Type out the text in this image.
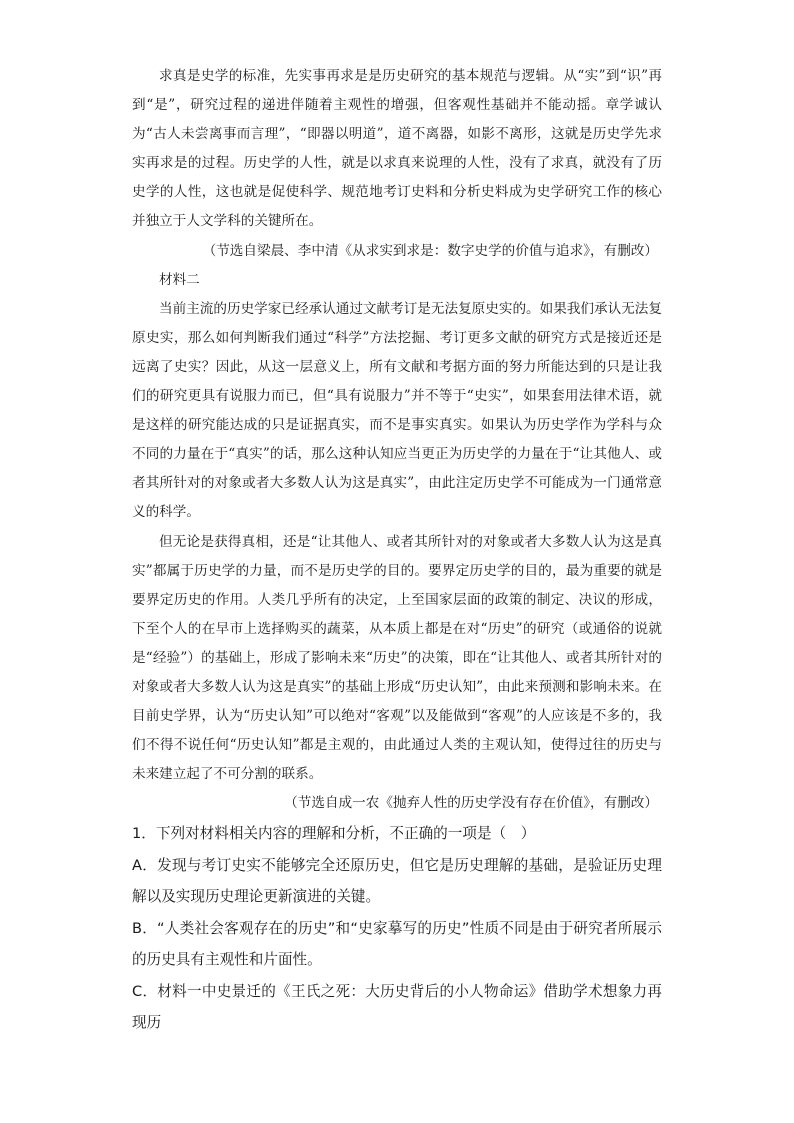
求真是史学的标准，先实事再求是是历史研究的基本规范与逻辑。从“实”到“识”再到“是”，研究过程的递进伴随着主观性的增强，但客观性基础并不能动摇。章学诚认为“古人未尝离事而言理”，“即器以明道”，道不离器，如影不离形，这就是历史学先求实再求是的过程。历史学的人性，就是以求真来说理的人性，没有了求真，就没有了历史学的人性，这也就是促使科学、规范地考订史料和分析史料成为史学研究工作的核心并独立于人文学科的关键所在。

（节选自梁晨、李中清《从求实到求是：数字史学的价值与追求》，有删改）

材料二

当前主流的历史学家已经承认通过文献考订是无法复原史实的。如果我们承认无法复原史实，那么如何判断我们通过“科学”方法挖掘、考订更多文献的研究方式是接近还是远离了史实？因此，从这一层意义上，所有文献和考据方面的努力所能达到的只是让我们的研究更具有说服力而已，但“具有说服力”并不等于“史实”，如果套用法律术语，就是这样的研究能达成的只是证据真实，而不是事实真实。如果认为历史学作为学科与众不同的力量在于“真实”的话，那么这种认知应当更正为历史学的力量在于“让其他人、或者其所针对的对象或者大多数人认为这是真实”，由此注定历史学不可能成为一门通常意义的科学。

但无论是获得真相，还是“让其他人、或者其所针对的对象或者大多数人认为这是真实”都属于历史学的力量，而不是历史学的目的。要界定历史学的目的，最为重要的就是要界定历史的作用。人类几乎所有的决定，上至国家层面的政策的制定、决议的形成，下至个人的在早市上选择购买的蔬菜，从本质上都是在对“历史”的研究（或通俗的说就是“经验”）的基础上，形成了影响未来“历史”的决策，即在“让其他人、或者其所针对的对象或者大多数人认为这是真实”的基础上形成“历史认知”，由此来预测和影响未来。在目前史学界，认为“历史认知”可以绝对“客观”以及能做到“客观”的人应该是不多的，我们不得不说任何“历史认知”都是主观的，由此通过人类的主观认知，使得过往的历史与未来建立起了不可分割的联系。

（节选自成一农《抛弃人性的历史学没有存在价值》，有删改）

1．下列对材料相关内容的理解和分析，不正确的一项是（　）

A．发现与考订史实不能够完全还原历史，但它是历史理解的基础，是验证历史理解以及实现历史理论更新演进的关键。

B．“人类社会客观存在的历史”和“史家摹写的历史”性质不同是由于研究者所展示的历史具有主观性和片面性。

C．材料一中史景迁的《王氏之死：大历史背后的小人物命运》借助学术想象力再现历
